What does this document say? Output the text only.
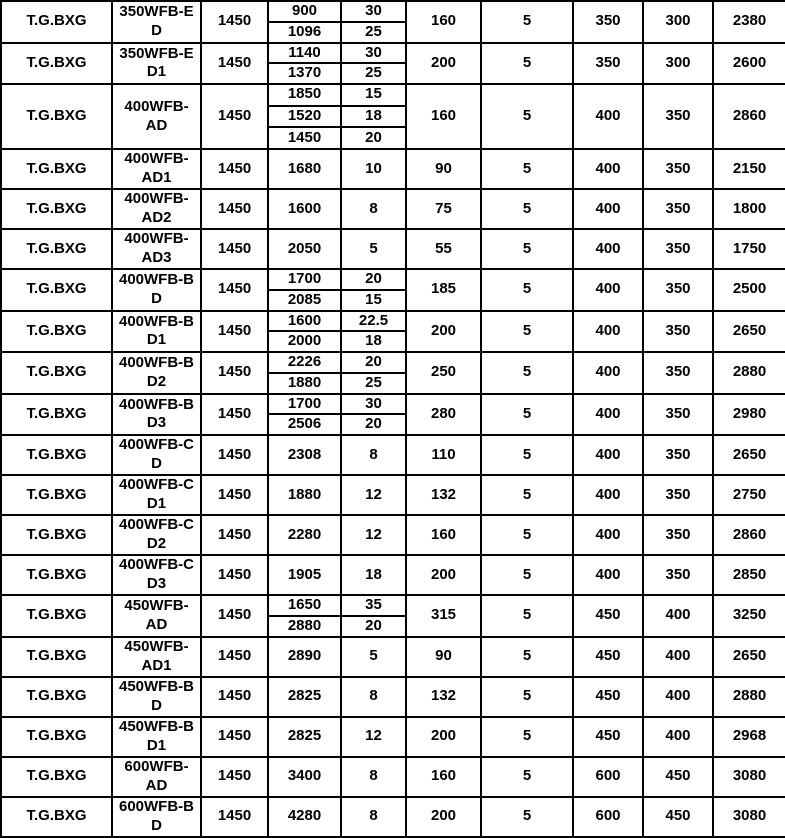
T.G.BXG	350WFB-E
D	1450	900	30	160	5	350	300	2380
			1096	25					
T.G.BXG	350WFB-E
D1	1450	1140	30	200	5	350	300	2600
			1370	25					
T.G.BXG	400WFB-
AD	1450	1850	15	160	5	400	350	2860
			1520	18					
			1450	20					
T.G.BXG	400WFB-
AD1	1450	1680	10	90	5	400	350	2150
T.G.BXG	400WFB-
AD2	1450	1600	8	75	5	400	350	1800
T.G.BXG	400WFB-
AD3	1450	2050	5	55	5	400	350	1750
T.G.BXG	400WFB-B
D	1450	1700	20	185	5	400	350	2500
			2085	15					
T.G.BXG	400WFB-B
D1	1450	1600	22.5	200	5	400	350	2650
			2000	18					
T.G.BXG	400WFB-B
D2	1450	2226	20	250	5	400	350	2880
			1880	25					
T.G.BXG	400WFB-B
D3	1450	1700	30	280	5	400	350	2980
			2506	20					
T.G.BXG	400WFB-C
D	1450	2308	8	110	5	400	350	2650
T.G.BXG	400WFB-C
D1	1450	1880	12	132	5	400	350	2750
T.G.BXG	400WFB-C
D2	1450	2280	12	160	5	400	350	2860
T.G.BXG	400WFB-C
D3	1450	1905	18	200	5	400	350	2850
T.G.BXG	450WFB-
AD	1450	1650	35	315	5	450	400	3250
			2880	20					
T.G.BXG	450WFB-
AD1	1450	2890	5	90	5	450	400	2650
T.G.BXG	450WFB-B
D	1450	2825	8	132	5	450	400	2880
T.G.BXG	450WFB-B
D1	1450	2825	12	200	5	450	400	2968
T.G.BXG	600WFB-
AD	1450	3400	8	160	5	600	450	3080
T.G.BXG	600WFB-B
D	1450	4280	8	200	5	600	450	3080
